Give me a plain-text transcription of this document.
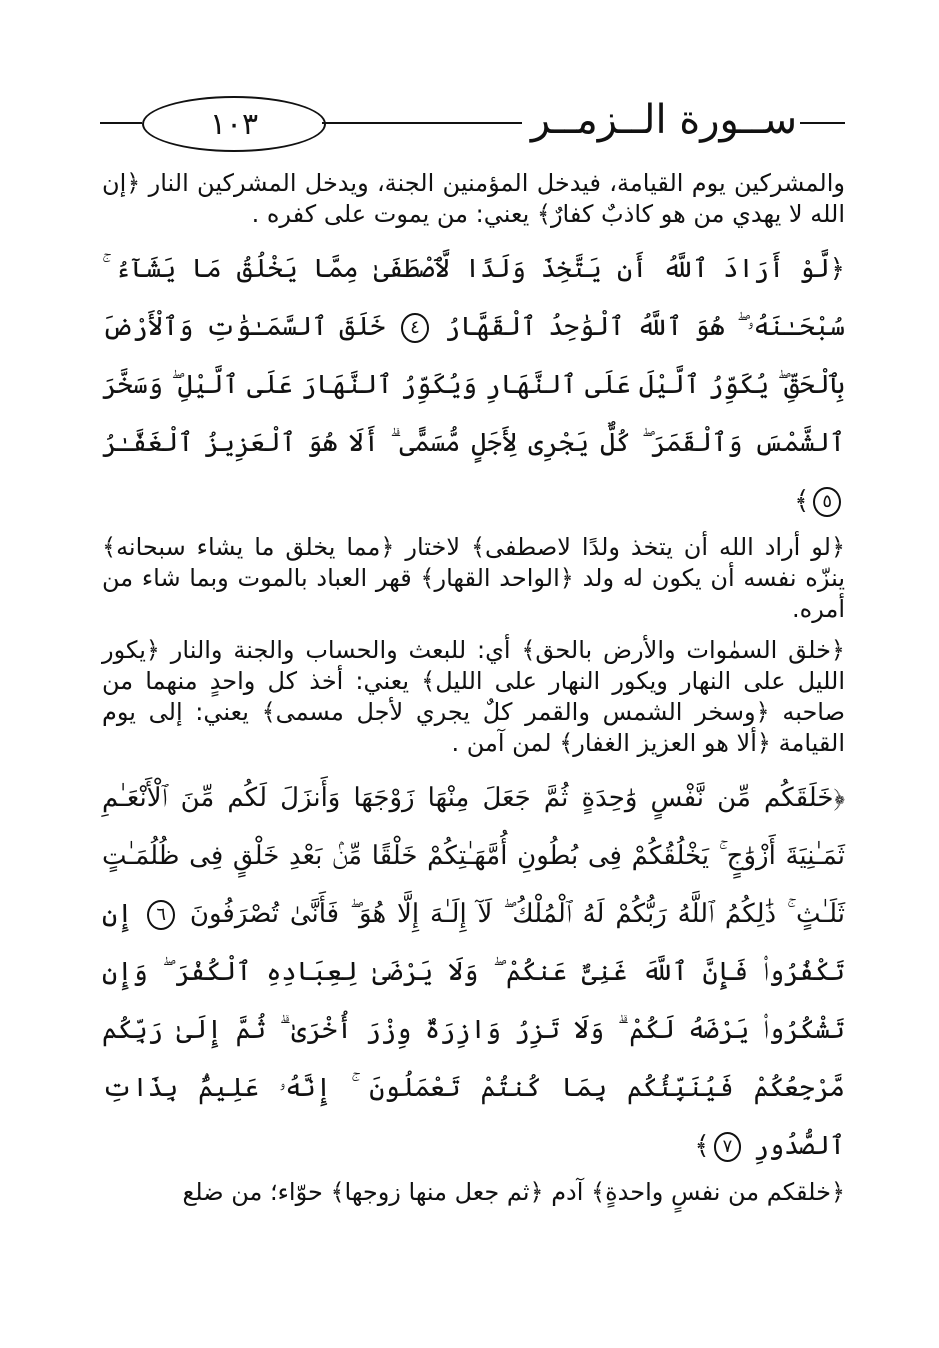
١٠٣	ســورة الــزمــر

والمشركين يوم القيامة، فيدخل المؤمنين الجنة، ويدخل المشركين النار ﴿إن الله لا يهدي من هو كاذبٌ كفارٌ﴾ يعني: من يموت على كفره .

﴿لَّوْ أَرَادَ ٱللَّهُ أَن يَتَّخِذَ وَلَدًا لَّٱصْطَفَىٰ مِمَّا يَخْلُقُ مَا يَشَآءُ ۚ سُبْحَـٰنَهُۥ ۖ هُوَ ٱللَّهُ ٱلْوَٰحِدُ ٱلْقَهَّارُ ٤ خَلَقَ ٱلسَّمَـٰوَٰتِ وَٱلْأَرْضَ بِٱلْحَقِّ ۖ يُكَوِّرُ ٱلَّيْلَ عَلَى ٱلنَّهَارِ وَيُكَوِّرُ ٱلنَّهَارَ عَلَى ٱلَّيْلِ ۖ وَسَخَّرَ ٱلشَّمْسَ وَٱلْقَمَرَ ۖ كُلٌّ يَجْرِى لِأَجَلٍ مُّسَمًّى ۗ أَلَا هُوَ ٱلْعَزِيزُ ٱلْغَفَّـٰرُ ٥﴾

﴿لو أراد الله أن يتخذ ولدًا لاصطفى﴾ لاختار ﴿مما يخلق ما يشاء سبحانه﴾ ينزّه نفسه أن يكون له ولد ﴿الواحد القهار﴾ قهر العباد بالموت وبما شاء من أمره.

﴿خلق السمٰوات والأرض بالحق﴾ أي: للبعث والحساب والجنة والنار ﴿يكور الليل على النهار ويكور النهار على الليل﴾ يعني: أخذ كل واحدٍ منهما من صاحبه ﴿وسخر الشمس والقمر كلٌ يجري لأجل مسمى﴾ يعني: إلى يوم القيامة ﴿ألا هو العزيز الغفار﴾ لمن آمن .

﴿خَلَقَكُم مِّن نَّفْسٍ وَٰحِدَةٍ ثُمَّ جَعَلَ مِنْهَا زَوْجَهَا وَأَنزَلَ لَكُم مِّنَ ٱلْأَنْعَـٰمِ ثَمَـٰنِيَةَ أَزْوَٰجٍ ۚ يَخْلُقُكُمْ فِى بُطُونِ أُمَّهَـٰتِكُمْ خَلْقًا مِّنۢ بَعْدِ خَلْقٍ فِى ظُلُمَـٰتٍ ثَلَـٰثٍ ۚ ذَٰلِكُمُ ٱللَّهُ رَبُّكُمْ لَهُ ٱلْمُلْكُ ۖ لَآ إِلَـٰهَ إِلَّا هُوَ ۖ فَأَنَّىٰ تُصْرَفُونَ ٦ إِن تَكْفُرُوا۟ فَإِنَّ ٱللَّهَ غَنِىٌّ عَنكُمْ ۖ وَلَا يَرْضَىٰ لِعِبَادِهِ ٱلْكُفْرَ ۖ وَإِن تَشْكُرُوا۟ يَرْضَهُ لَكُمْ ۗ وَلَا تَزِرُ وَازِرَةٌ وِزْرَ أُخْرَىٰ ۗ ثُمَّ إِلَىٰ رَبِّكُم مَّرْجِعُكُمْ فَيُنَبِّئُكُم بِمَا كُنتُمْ تَعْمَلُونَ ۚ إِنَّهُۥ عَلِيمٌۢ بِذَاتِ ٱلصُّدُورِ ٧﴾

﴿خلقكم من نفسٍ واحدةٍ﴾ آدم ﴿ثم جعل منها زوجها﴾ حوّاء؛ من ضلع
